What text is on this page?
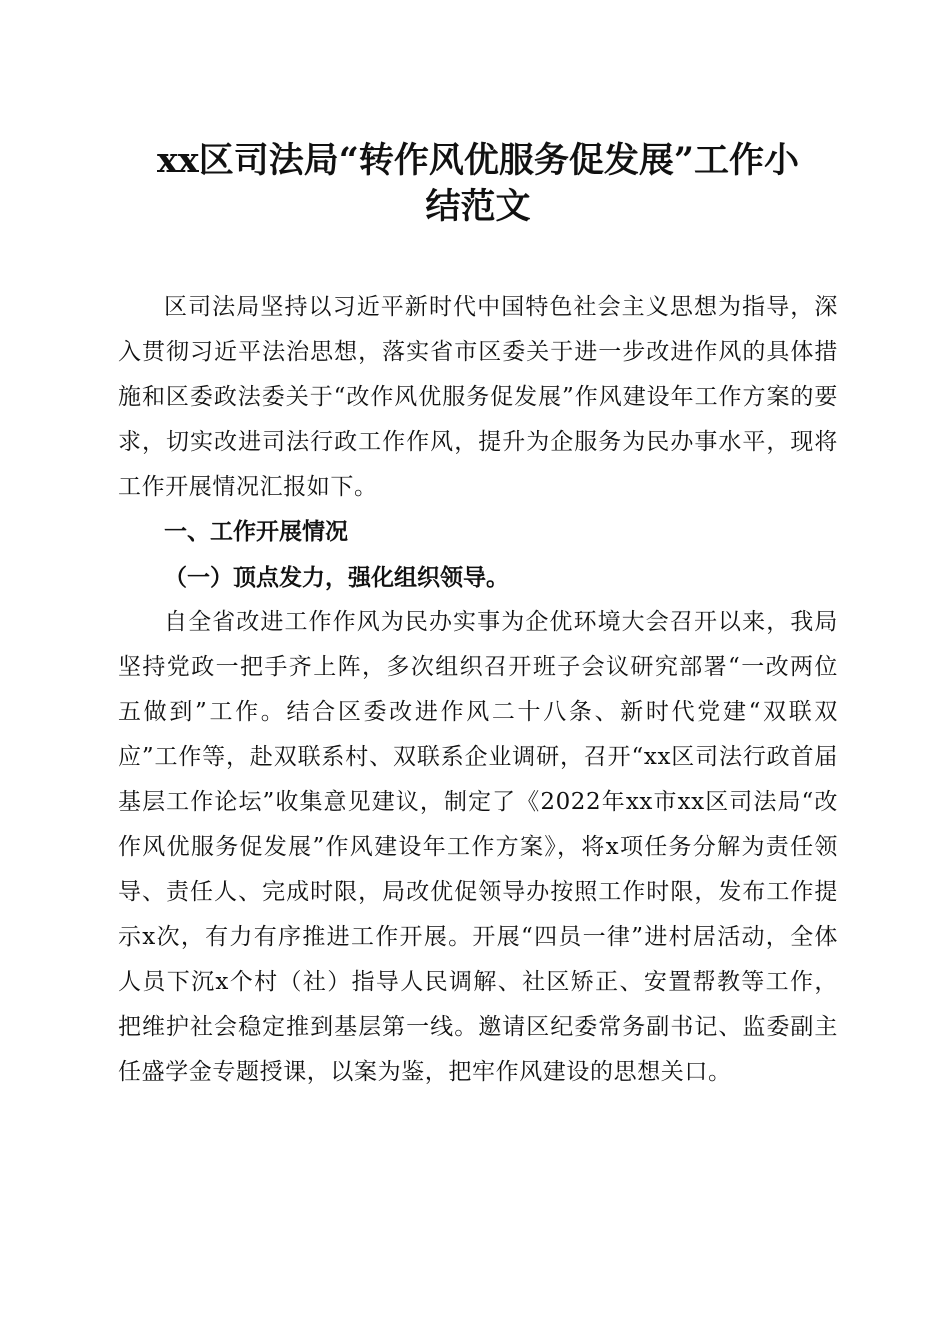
xx区司法局“转作风优服务促发展”工作小
结范文

区司法局坚持以习近平新时代中国特色社会主义思想为指导，深入贯彻习近平法治思想，落实省市区委关于进一步改进作风的具体措施和区委政法委关于“改作风优服务促发展”作风建设年工作方案的要求，切实改进司法行政工作作风，提升为企服务为民办事水平，现将工作开展情况汇报如下。

一、工作开展情况

（一）顶点发力，强化组织领导。

自全省改进工作作风为民办实事为企优环境大会召开以来，我局坚持党政一把手齐上阵，多次组织召开班子会议研究部署“一改两位五做到”工作。结合区委改进作风二十八条、新时代党建“双联双应”工作等，赴双联系村、双联系企业调研，召开“xx区司法行政首届基层工作论坛”收集意见建议，制定了《2022年xx市xx区司法局“改作风优服务促发展”作风建设年工作方案》，将x项任务分解为责任领导、责任人、完成时限，局改优促领导办按照工作时限，发布工作提示x次，有力有序推进工作开展。开展“四员一律”进村居活动，全体人员下沉x个村（社）指导人民调解、社区矫正、安置帮教等工作，把维护社会稳定推到基层第一线。邀请区纪委常务副书记、监委副主任盛学金专题授课，以案为鉴，把牢作风建设的思想关口。
